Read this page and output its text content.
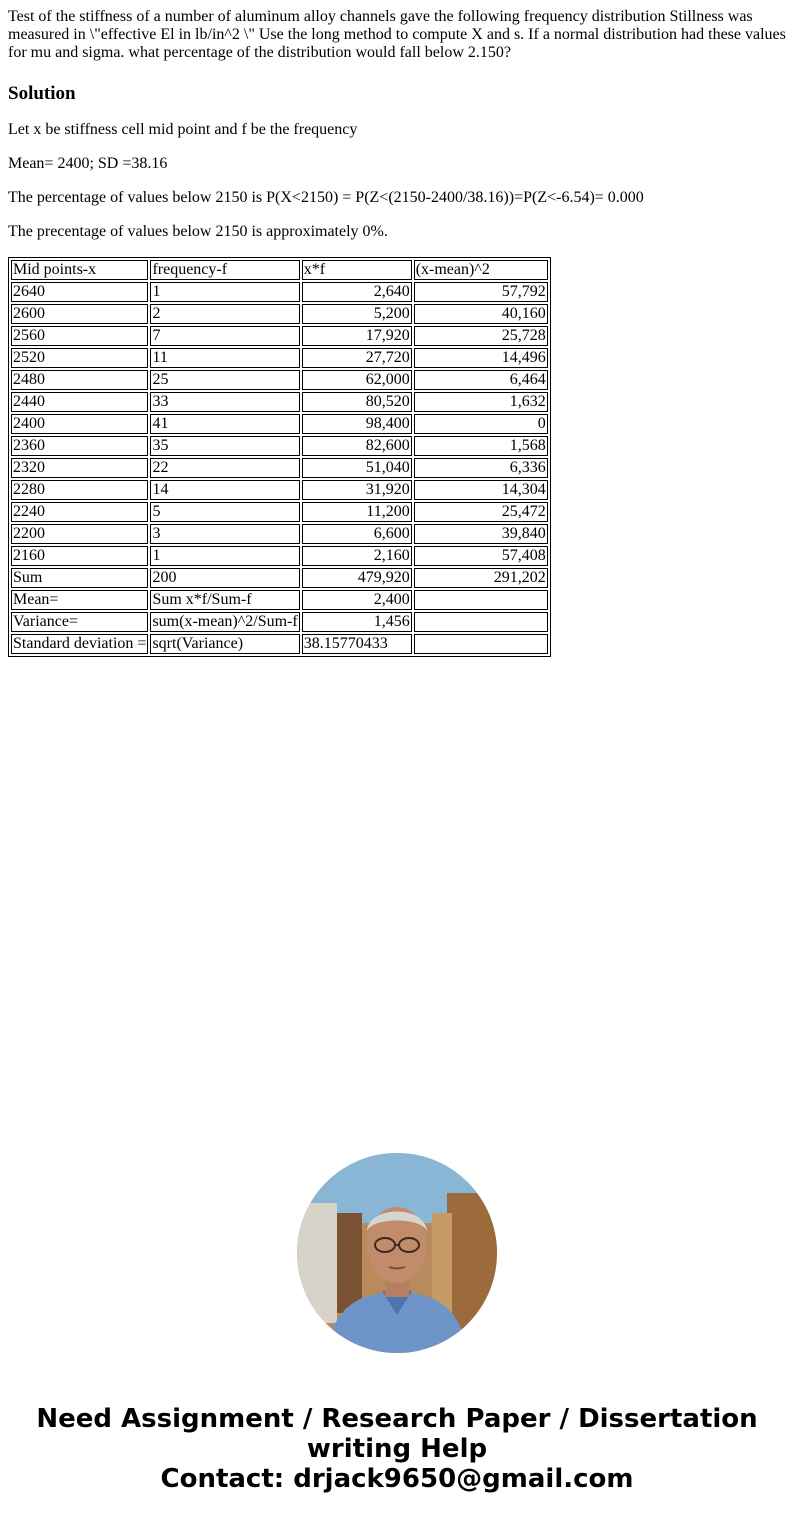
Test of the stiffness of a number of aluminum alloy channels gave the following frequency distribution Stillness was measured in \"effective El in lb/in^2 \" Use the long method to compute X and s. If a normal distribution had these values for mu and sigma. what percentage of the distribution would fall below 2.150?
Solution

Let x be stiffness cell mid point and f be the frequency

Mean= 2400; SD =38.16

The percentage of values below 2150 is P(X<2150) = P(Z<(2150-2400/38.16))=P(Z<-6.54)= 0.000

The precentage of values below 2150 is approximately 0%.

Mid points-x	frequency-f	x*f	(x-mean)^2
2640	1	2,640	57,792
2600	2	5,200	40,160
2560	7	17,920	25,728
2520	11	27,720	14,496
2480	25	62,000	6,464
2440	33	80,520	1,632
2400	41	98,400	0
2360	35	82,600	1,568
2320	22	51,040	6,336
2280	14	31,920	14,304
2240	5	11,200	25,472
2200	3	6,600	39,840
2160	1	2,160	57,408
Sum	200	479,920	291,202
Mean=	Sum x*f/Sum-f	2,400	
Variance=	sum(x-mean)^2/Sum-f	1,456	
Standard deviation =	sqrt(Variance)	38.15770433	
Need Assignment / Research Paper / Dissertation
writing Help
Contact: drjack9650@gmail.com
